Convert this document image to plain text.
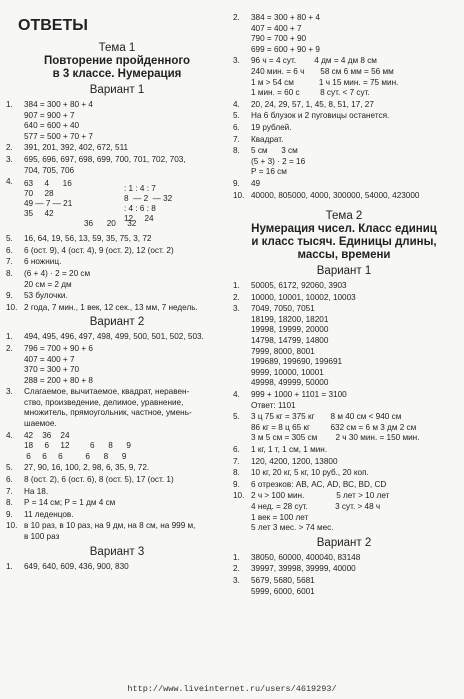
ОТВЕТЫ
Тема 1
Повторение пройденного
в 3 классе. Нумерация
Вариант 1
1.	384 = 300 + 80 + 4
907 = 900 + 7
640 = 600 + 40
577 = 500 + 70 + 7
2.	391, 201, 392, 402, 672, 511
3.	695, 696, 697, 698, 699, 700, 701, 702, 703,
704, 705, 706
4.	63     4      16
70     28
49 — 7 — 21
35     42
: 1 : 4 : 7
8  — 2  — 32
: 4 : 6 : 8
12     24
36      20     32
5.	16, 64, 19, 56, 13, 59, 35, 75, 3, 72
6.	6 (ост. 9), 4 (ост. 4), 9 (ост. 2), 12 (ост. 2)
7.	6 ножниц.
8.	(6 + 4) · 2 = 20 см
20 см = 2 дм
9.	53 булочки.
10. 2 года, 7 мин., 1 век, 12 сек., 13 мм, 7 недель.
Вариант 2
1.	494, 495, 496, 497, 498, 499, 500, 501, 502, 503.
2.	796 = 700 + 90 + 6
407 = 400 + 7
370 = 300 + 70
288 = 200 + 80 + 8
3.	Слагаемое, вычитаемое, квадрат, неравен-
ство, произведение, делимое, уравнение,
множитель, прямоугольник, частное, умень-
шаемое.
4.	42    36    24
18     6     12         6      8      9
6     6     6          6      8      9
5.	27, 90, 16, 100, 2, 98, 6, 35, 9, 72.
6.	8 (ост. 2), 6 (ост. 6), 8 (ост. 5), 17 (ост. 1)
7.	На 18.
8.	Р = 14 см; Р = 1 дм 4 см
9.	11 леденцов.
10. в 10 раз, в 10 раз, на 9 дм, на 8 см, на 999 м,
в 100 раз
Вариант 3
1.	649, 640, 609, 436, 900, 830
2.	384 = 300 + 80 + 4
407 = 400 + 7
790 = 700 + 90
699 = 600 + 90 + 9
3.	96 ч = 4 сут.        4 дм = 4 дм 8 см
240 мин. = 6 ч       58 см 6 мм = 56 мм
1 м > 54 см           1 ч 15 мин. = 75 мин.
1 мин. = 60 с         8 сут. < 7 сут.
4.	20, 24, 29, 57, 1, 45, 8, 51, 17, 27
5.	На 6 блузок и 2 пуговицы останется.
6.	19 рублей.
7.	Квадрат.
8.	5 см      3 см
(5 + 3) · 2 = 16
Р = 16 см
9.	49
10. 40000, 805000, 4000, 300000, 54000, 423000
Тема 2
Нумерация чисел. Класс единиц
и класс тысяч. Единицы длины,
массы, времени
Вариант 1
1.	50005, 6172, 92060, 3903
2.	10000, 10001, 10002, 10003
3.	7049, 7050, 7051
18199, 18200, 18201
19998, 19999, 20000
14798, 14799, 14800
7999, 8000, 8001
199689, 199690, 199691
9999, 10000, 10001
49998, 49999, 50000
4.	999 + 1000 + 1101 = 3100
Ответ: 1101
5.	3 ц 75 кг = 375 кг       8 м 40 см < 940 см
86 кг = 8 ц 65 кг         632 см = 6 м 3 дм 2 см
3 м 5 см = 305 см        2 ч 30 мин. = 150 мин.
6.	1 кг, 1 т, 1 см, 1 мин.
7.	120, 4200, 1200, 13800
8.	10 кг, 20 кг, 5 кг, 10 руб., 20 коп.
9.	6 отрезков: АВ, АС, АD, ВС, ВD, СD
10. 2 ч > 100 мин.              5 лет > 10 лет
4 нед. = 28 сут.            3 сут. > 48 ч
1 век = 100 лет
5 лет 3 мес. > 74 мес.
Вариант 2
1.	38050, 60000, 400040, 83148
2.	39997, 39998, 39999, 40000
3.	5679, 5680, 5681
5999, 6000, 6001
http://www.liveinternet.ru/users/4619293/
